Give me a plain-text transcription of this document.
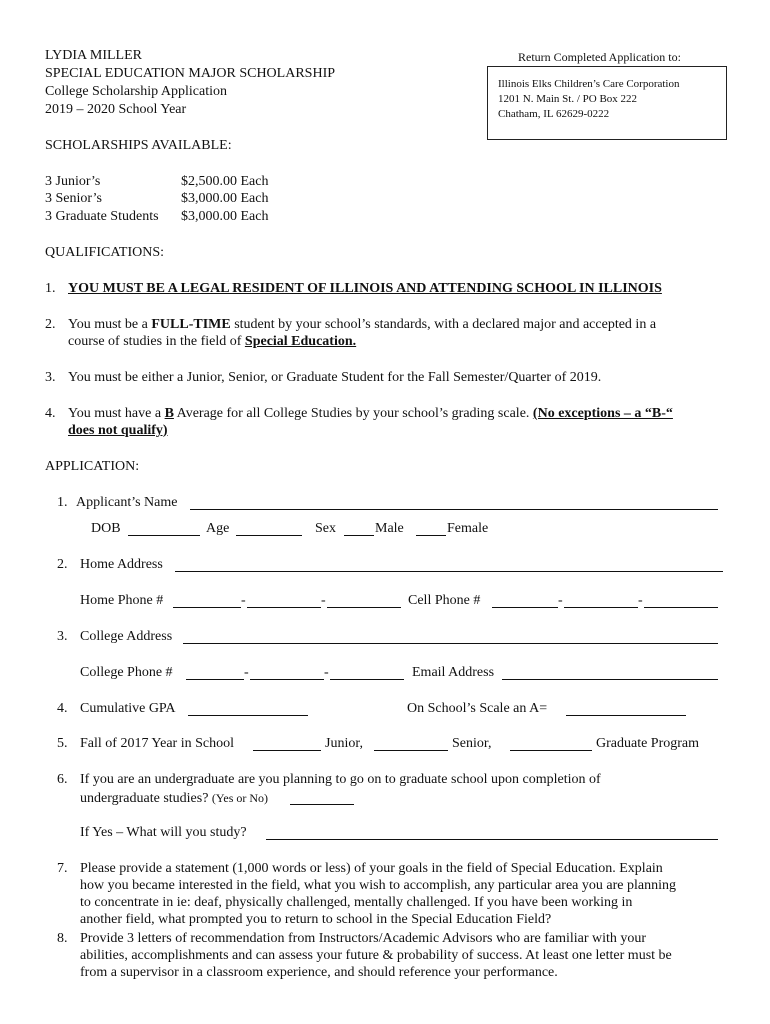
LYDIA MILLER
SPECIAL EDUCATION MAJOR SCHOLARSHIP
College Scholarship Application
2019 – 2020 School Year
Return Completed Application to:
Illinois Elks Children’s Care Corporation
1201 N. Main St. / PO Box 222
Chatham, IL 62629-0222
SCHOLARSHIPS AVAILABLE:
3 Junior’s	$2,500.00 Each
3 Senior’s	$3,000.00 Each
3 Graduate Students $3,000.00 Each
QUALIFICATIONS:
1. YOU MUST BE A LEGAL RESIDENT OF ILLINOIS AND ATTENDING SCHOOL IN ILLINOIS
2. You must be a FULL-TIME student by your school’s standards, with a declared major and accepted in a
course of studies in the field of Special Education.
3. You must be either a Junior, Senior, or Graduate Student for the Fall Semester/Quarter of 2019.
4. You must have a B Average for all College Studies by your school’s grading scale. (No exceptions – a “B-“
does not qualify)
APPLICATION:
1. Applicant’s Name
DOB	Age	Sex	Male	Female
2. Home Address
Home Phone #	-	-	Cell Phone #	-	-
3. College Address
College Phone #	-	-	Email Address
4. Cumulative GPA	On School’s Scale an A=
5. Fall of 2017 Year in School	Junior,	Senior,	Graduate Program
6. If you are an undergraduate are you planning to go on to graduate school upon completion of
undergraduate studies? (Yes or No)
If Yes – What will you study?
7. Please provide a statement (1,000 words or less) of your goals in the field of Special Education. Explain
how you became interested in the field, what you wish to accomplish, any particular area you are planning
to concentrate in ie: deaf, physically challenged, mentally challenged. If you have been working in
another field, what prompted you to return to school in the Special Education Field?
8. Provide 3 letters of recommendation from Instructors/Academic Advisors who are familiar with your
abilities, accomplishments and can assess your future & probability of success. At least one letter must be
from a supervisor in a classroom experience, and should reference your performance.
